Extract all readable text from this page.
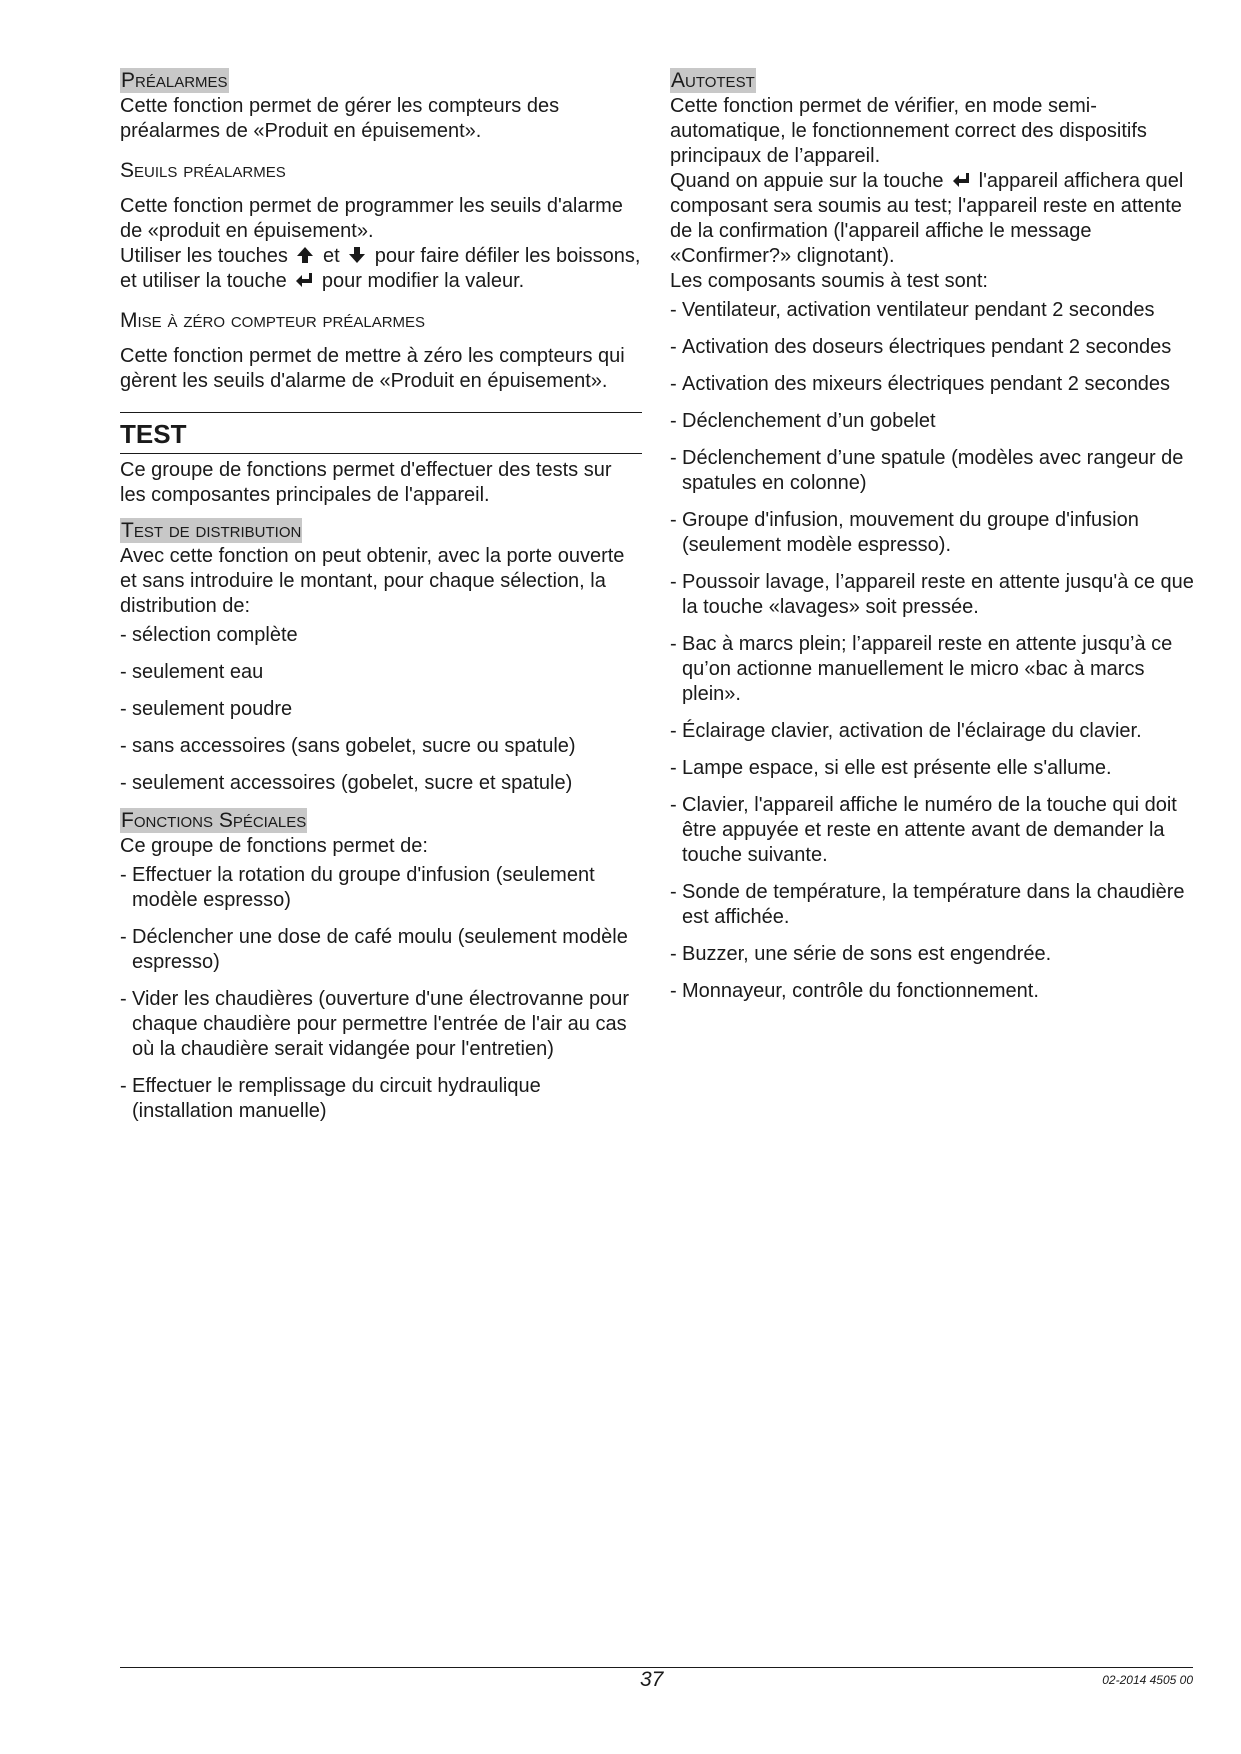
Préalarmes

Cette fonction permet de gérer les compteurs des préalarmes de «Produit en épuisement».

Seuils préalarmes

Cette fonction permet de programmer les seuils d'alarme de «produit en épuisement».

Utiliser les touches et pour faire défiler les boissons, et utiliser la touche pour modifier la valeur.

Mise à zéro compteur préalarmes

Cette fonction permet de mettre à zéro les compteurs qui gèrent les seuils d'alarme de «Produit en épuisement».

TEST

Ce groupe de fonctions permet d'effectuer des tests sur les composantes principales de l'appareil.

Test de distribution

Avec cette fonction on peut obtenir, avec la porte ouverte et sans introduire le montant, pour chaque sélection, la distribution de:

- sélection complète
- seulement eau
- seulement poudre
- sans accessoires (sans gobelet, sucre ou spatule)
- seulement accessoires (gobelet, sucre et spatule)
Fonctions Spéciales

Ce groupe de fonctions permet de:

- Effectuer la rotation du groupe d'infusion (seulement modèle espresso)
- Déclencher une dose de café moulu (seulement modèle espresso)
- Vider les chaudières (ouverture d'une électrovanne pour chaque chaudière pour permettre l'entrée de l'air au cas où la chaudière serait vidangée pour l'entretien)
- Effectuer le remplissage du circuit hydraulique (installation manuelle)
Autotest

Cette fonction permet de vérifier, en mode semi-automatique, le fonctionnement correct des dispositifs principaux de l’appareil.

Quand on appuie sur la touche l'appareil affichera quel composant sera soumis au test; l'appareil reste en attente de la confirmation (l'appareil affiche le message «Confirmer?» clignotant).

Les composants soumis à test sont:

- Ventilateur, activation ventilateur pendant 2 secondes
- Activation des doseurs électriques pendant 2 secondes
- Activation des mixeurs électriques pendant 2 secondes
- Déclenchement d’un gobelet
- Déclenchement d’une spatule (modèles avec rangeur de spatules en colonne)
- Groupe d'infusion, mouvement du groupe d'infusion (seulement modèle espresso).
- Poussoir lavage, l’appareil reste en attente jusqu'à ce que la touche «lavages» soit pressée.
- Bac à marcs plein; l’appareil reste en attente jusqu’à ce qu’on actionne manuellement le micro «bac à marcs plein».
- Éclairage clavier, activation de l'éclairage du clavier.
- Lampe espace, si elle est présente elle s'allume.
- Clavier, l'appareil affiche le numéro de la touche qui doit être appuyée et reste en attente avant de demander la touche suivante.
- Sonde de température, la température dans la chaudière est affichée.
- Buzzer, une série de sons est engendrée.
- Monnayeur, contrôle du fonctionnement.
37	02-2014 4505 00
